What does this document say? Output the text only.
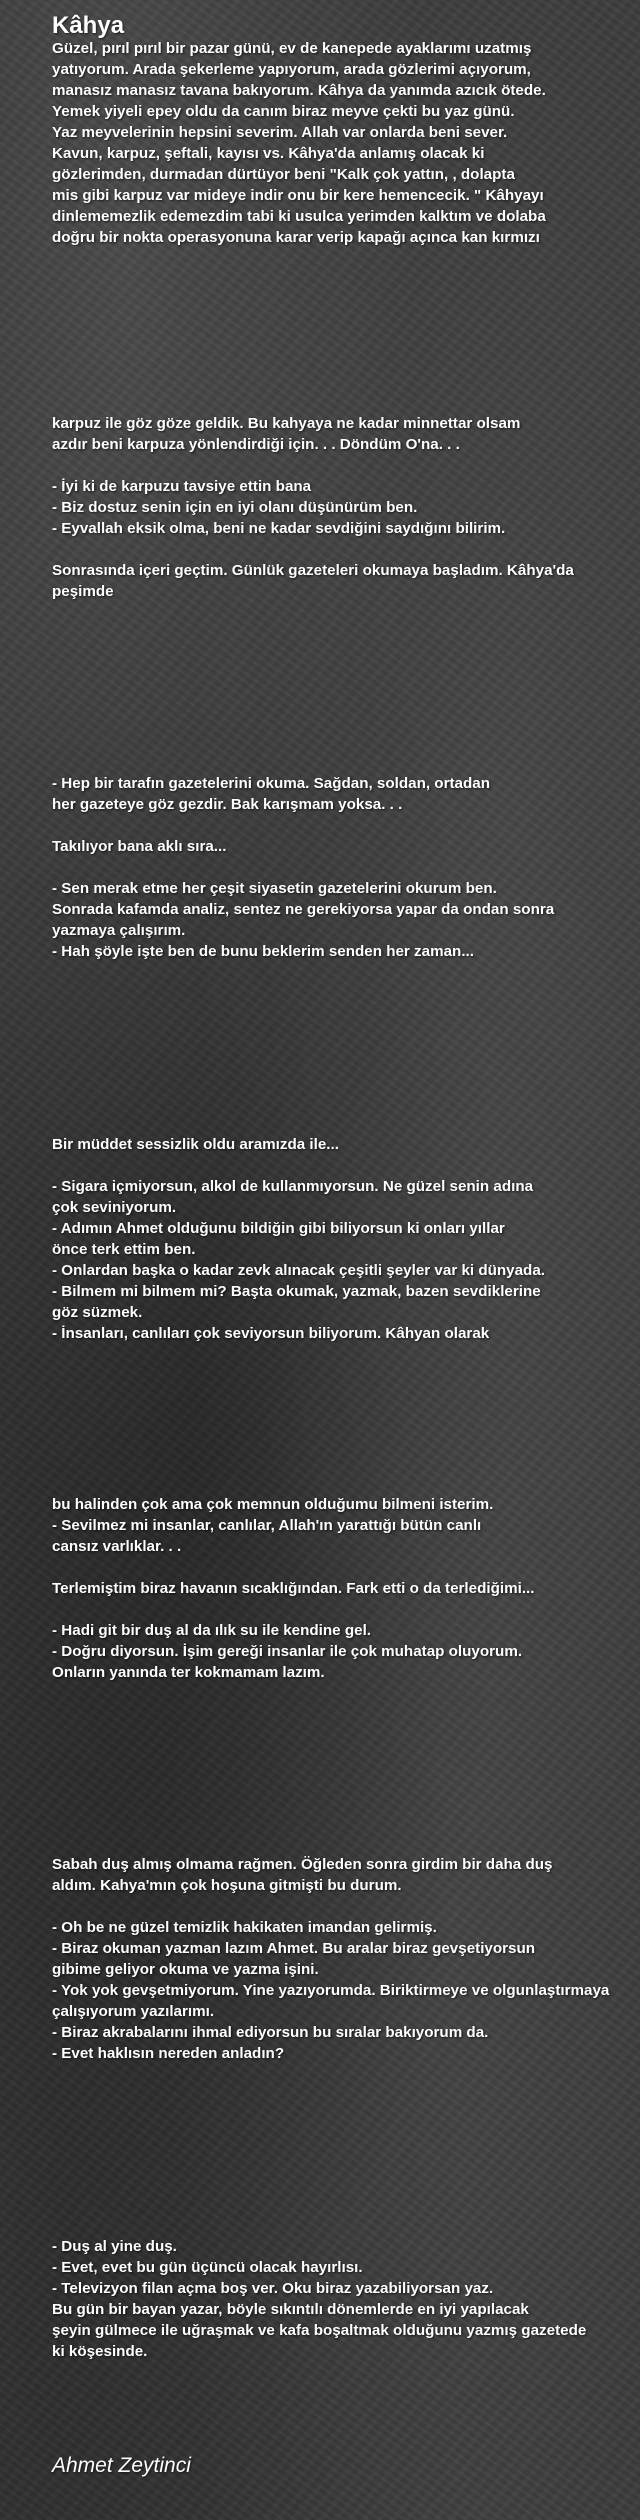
Kâhya
Güzel, pırıl pırıl bir pazar günü, ev de kanepede ayaklarımı uzatmış
yatıyorum. Arada şekerleme yapıyorum, arada gözlerimi açıyorum,
manasız manasız tavana bakıyorum. Kâhya da yanımda azıcık ötede.
Yemek yiyeli epey oldu da canım biraz meyve çekti bu yaz günü.
Yaz meyvelerinin hepsini severim. Allah var onlarda beni sever.
Kavun, karpuz, şeftali, kayısı vs. Kâhya'da anlamış olacak ki
gözlerimden, durmadan dürtüyor beni "Kalk çok yattın, , dolapta
mis gibi karpuz var mideye indir onu bir kere hemencecik. " Kâhyayı
dinlememezlik edemezdim tabi ki usulca yerimden kalktım ve dolaba
doğru bir nokta operasyonuna karar verip kapağı açınca kan kırmızı
karpuz ile göz göze geldik. Bu kahyaya ne kadar minnettar olsam
azdır beni karpuza yönlendirdiği için. . . Döndüm O'na. . .
- İyi ki de karpuzu tavsiye ettin bana
- Biz dostuz senin için en iyi olanı düşünürüm ben.
- Eyvallah eksik olma, beni ne kadar sevdiğini saydığını bilirim.
Sonrasında içeri geçtim. Günlük gazeteleri okumaya başladım. Kâhya'da
peşimde
- Hep bir tarafın gazetelerini okuma. Sağdan, soldan, ortadan
her gazeteye göz gezdir. Bak karışmam yoksa. . .
Takılıyor bana aklı sıra...
- Sen merak etme her çeşit siyasetin gazetelerini okurum ben.
Sonrada kafamda analiz, sentez ne gerekiyorsa yapar da ondan sonra
yazmaya çalışırım.
- Hah şöyle işte ben de bunu beklerim senden her zaman...
Bir müddet sessizlik oldu aramızda ile...
- Sigara içmiyorsun, alkol de kullanmıyorsun. Ne güzel senin adına
çok seviniyorum.
- Adımın Ahmet olduğunu bildiğin gibi biliyorsun ki onları yıllar
önce terk ettim ben.
- Onlardan başka o kadar zevk alınacak çeşitli şeyler var ki dünyada.
- Bilmem mi bilmem mi? Başta okumak, yazmak, bazen sevdiklerine
göz süzmek.
- İnsanları, canlıları çok seviyorsun biliyorum. Kâhyan olarak
bu halinden çok ama çok memnun olduğumu bilmeni isterim.
- Sevilmez mi insanlar, canlılar, Allah'ın yarattığı bütün canlı
cansız varlıklar. . .
Terlemiştim biraz havanın sıcaklığından. Fark etti o da terlediğimi...
- Hadi git bir duş al da ılık su ile kendine gel.
- Doğru diyorsun. İşim gereği insanlar ile çok muhatap oluyorum.
Onların yanında ter kokmamam lazım.
Sabah duş almış olmama rağmen. Öğleden sonra girdim bir daha duş
aldım. Kahya'mın çok hoşuna gitmişti bu durum.
- Oh be ne güzel temizlik hakikaten imandan gelirmiş.
- Biraz okuman yazman lazım Ahmet. Bu aralar biraz gevşetiyorsun
gibime geliyor okuma ve yazma işini.
- Yok yok gevşetmiyorum. Yine yazıyorumda. Biriktirmeye ve olgunlaştırmaya
çalışıyorum yazılarımı.
- Biraz akrabalarını ihmal ediyorsun bu sıralar bakıyorum da.
- Evet haklısın nereden anladın?
- Duş al yine duş.
- Evet, evet bu gün üçüncü olacak hayırlısı.
- Televizyon filan açma boş ver. Oku biraz yazabiliyorsan yaz.
Bu gün bir bayan yazar, böyle sıkıntılı dönemlerde en iyi yapılacak
şeyin gülmece ile uğraşmak ve kafa boşaltmak olduğunu yazmış gazetede
ki köşesinde.
Ahmet Zeytinci
